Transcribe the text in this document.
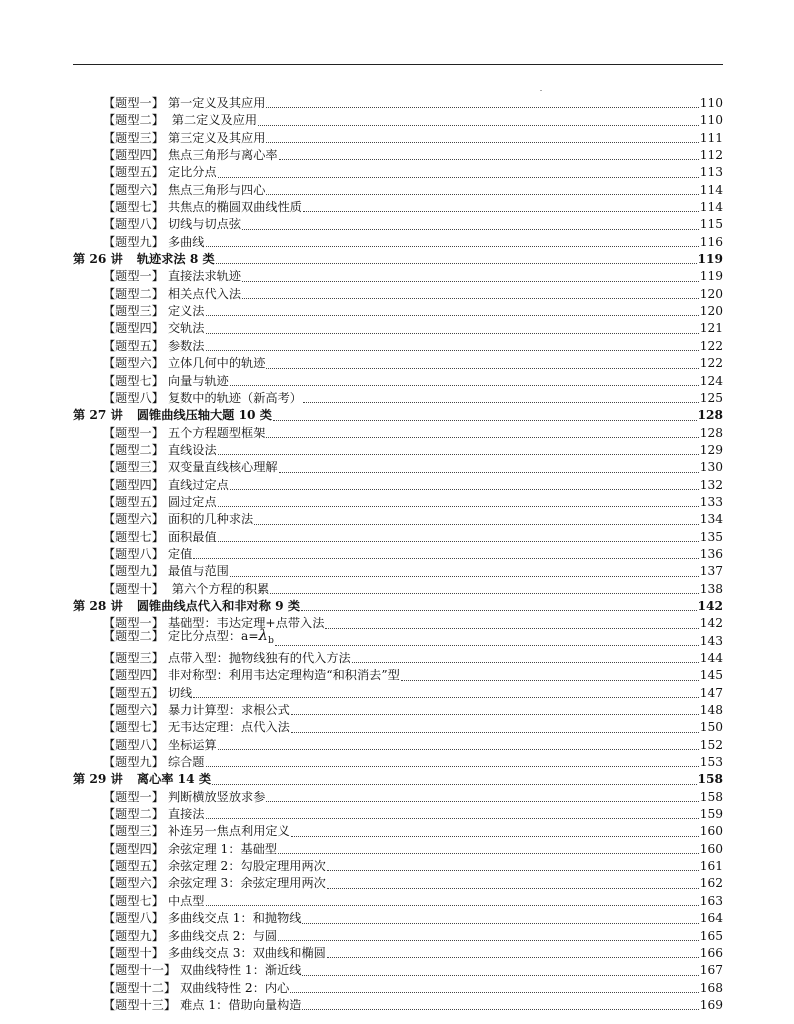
【题型一】 第一定义及其应用	110
【题型二】 第二定义及应用	110
【题型三】 第三定义及其应用	111
【题型四】 焦点三角形与离心率	112
【题型五】 定比分点	113
【题型六】 焦点三角形与四心	114
【题型七】 共焦点的椭圆双曲线性质	114
【题型八】 切线与切点弦	115
【题型九】 多曲线	116
第 26 讲 轨迹求法 8 类	119
【题型一】 直接法求轨迹	119
【题型二】 相关点代入法	120
【题型三】 定义法	120
【题型四】 交轨法	121
【题型五】 参数法	122
【题型六】 立体几何中的轨迹	122
【题型七】 向量与轨迹	124
【题型八】 复数中的轨迹（新高考）	125
第 27 讲 圆锥曲线压轴大题 10 类	128
【题型一】 五个方程题型框架	128
【题型二】 直线设法	129
【题型三】 双变量直线核心理解	130
【题型四】 直线过定点	132
【题型五】 圆过定点	133
【题型六】 面积的几种求法	134
【题型七】 面积最值	135
【题型八】 定值	136
【题型九】 最值与范围	137
【题型十】 第六个方程的积累	138
第 28 讲 圆锥曲线点代入和非对称 9 类	142
【题型一】 基础型：韦达定理+点带入法	142
【题型二】 定比分点型：$a=\lambda_b$	143
【题型三】 点带入型：抛物线独有的代入方法	144
【题型四】 非对称型：利用韦达定理构造“和积消去”型	145
【题型五】 切线	147
【题型六】 暴力计算型：求根公式	148
【题型七】 无韦达定理：点代入法	150
【题型八】 坐标运算	152
【题型九】 综合题	153
第 29 讲 离心率 14 类	158
【题型一】 判断横放竖放求参	158
【题型二】 直接法	159
【题型三】 补连另一焦点利用定义	160
【题型四】 余弦定理 1：基础型	160
【题型五】 余弦定理 2：勾股定理用两次	161
【题型六】 余弦定理 3：余弦定理用两次	162
【题型七】 中点型	163
【题型八】 多曲线交点 1：和抛物线	164
【题型九】 多曲线交点 2：与圆	165
【题型十】 多曲线交点 3：双曲线和椭圆	166
【题型十一】 双曲线特性 1：渐近线	167
【题型十二】 双曲线特性 2：内心	168
【题型十三】 难点 1：借助向量构造	169
